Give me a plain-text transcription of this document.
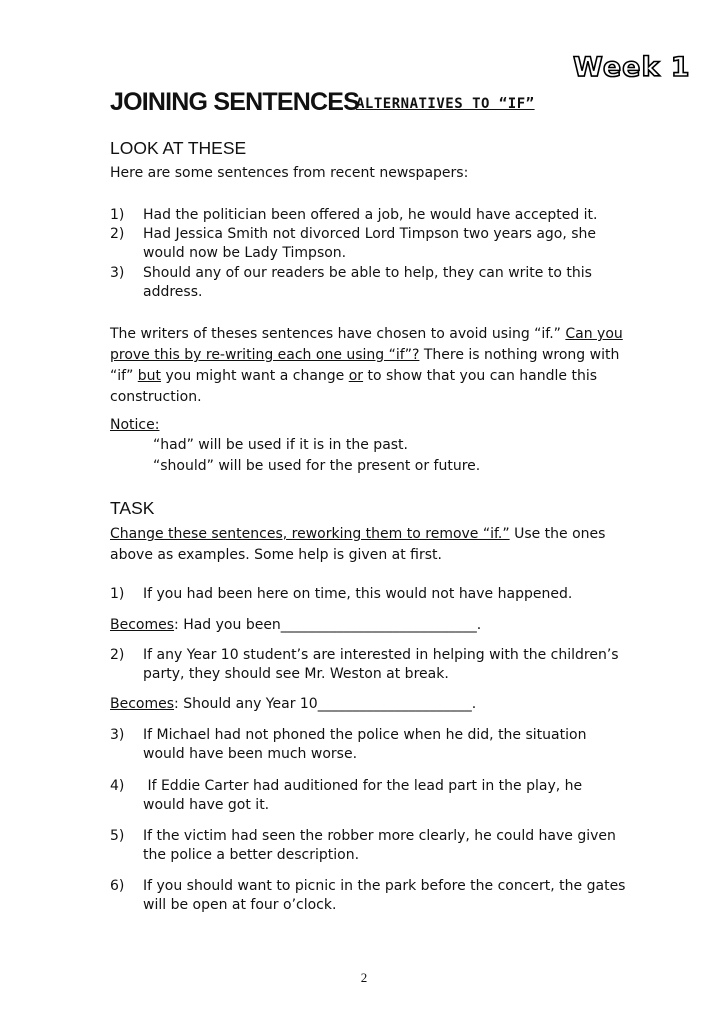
Week 1
JOINING SENTENCES
ALTERNATIVES TO “IF”
LOOK AT THESE
Here are some sentences from recent newspapers:
1) Had the politician been offered a job, he would have accepted it.
2) Had Jessica Smith not divorced Lord Timpson two years ago, she would now be Lady Timpson.
3) Should any of our readers be able to help, they can write to this address.
The writers of theses sentences have chosen to avoid using “if.” Can you prove this by re-writing each one using “if”? There is nothing wrong with “if” but you might want a change or to show that you can handle this construction.
Notice:
“had” will be used if it is in the past.
“should” will be used for the present or future.
TASK
Change these sentences, reworking them to remove “if.” Use the ones above as examples. Some help is given at first.
1) If you had been here on time, this would not have happened.
Becomes: Had you been____________________________.
2) If any Year 10 student’s are interested in helping with the children’s party, they should see Mr. Weston at break.
Becomes: Should any Year 10______________________.
3) If Michael had not phoned the police when he did, the situation would have been much worse.
4) If Eddie Carter had auditioned for the lead part in the play, he would have got it.
5) If the victim had seen the robber more clearly, he could have given the police a better description.
6) If you should want to picnic in the park before the concert, the gates will be open at four o’clock.
2
